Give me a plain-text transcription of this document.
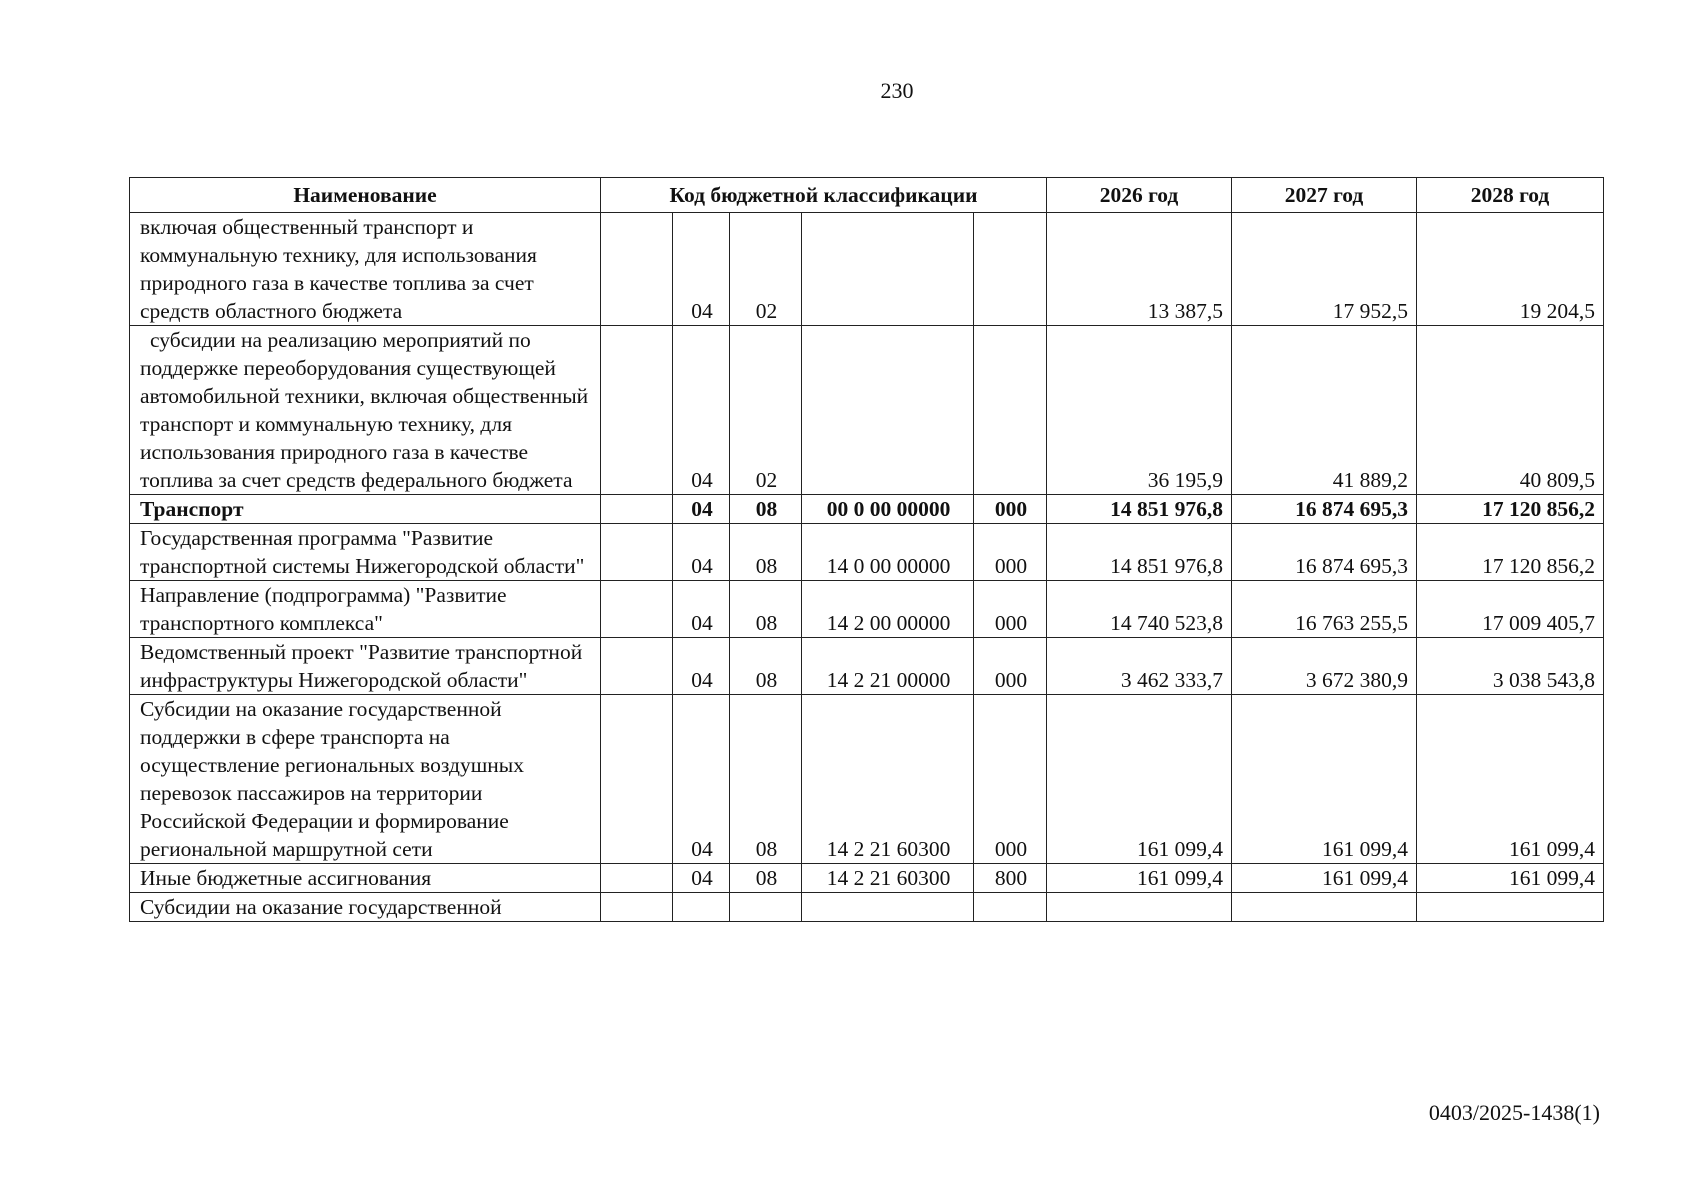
230
Наименование	Код бюджетной классификации					2026 год	2027 год	2028 год
включая общественный транспорт и коммунальную технику, для использования природного газа в качестве топлива за счет средств областного бюджета		04	02			13 387,5	17 952,5	19 204,5
субсидии на реализацию мероприятий по поддержке переоборудования существующей автомобильной техники, включая общественный транспорт и коммунальную технику, для использования природного газа в качестве топлива за счет средств федерального бюджета		04	02			36 195,9	41 889,2	40 809,5
Транспорт		04	08	00 0 00 00000	000	14 851 976,8	16 874 695,3	17 120 856,2
Государственная программа "Развитие транспортной системы Нижегородской области"		04	08	14 0 00 00000	000	14 851 976,8	16 874 695,3	17 120 856,2
Направление (подпрограмма) "Развитие транспортного комплекса"		04	08	14 2 00 00000	000	14 740 523,8	16 763 255,5	17 009 405,7
Ведомственный проект "Развитие транспортной инфраструктуры Нижегородской области"		04	08	14 2 21 00000	000	3 462 333,7	3 672 380,9	3 038 543,8
Субсидии на оказание государственной поддержки в сфере транспорта на осуществление региональных воздушных перевозок пассажиров на территории Российской Федерации и формирование региональной маршрутной сети		04	08	14 2 21 60300	000	161 099,4	161 099,4	161 099,4
Иные бюджетные ассигнования		04	08	14 2 21 60300	800	161 099,4	161 099,4	161 099,4
Субсидии на оказание государственной								
0403/2025-1438(1)
